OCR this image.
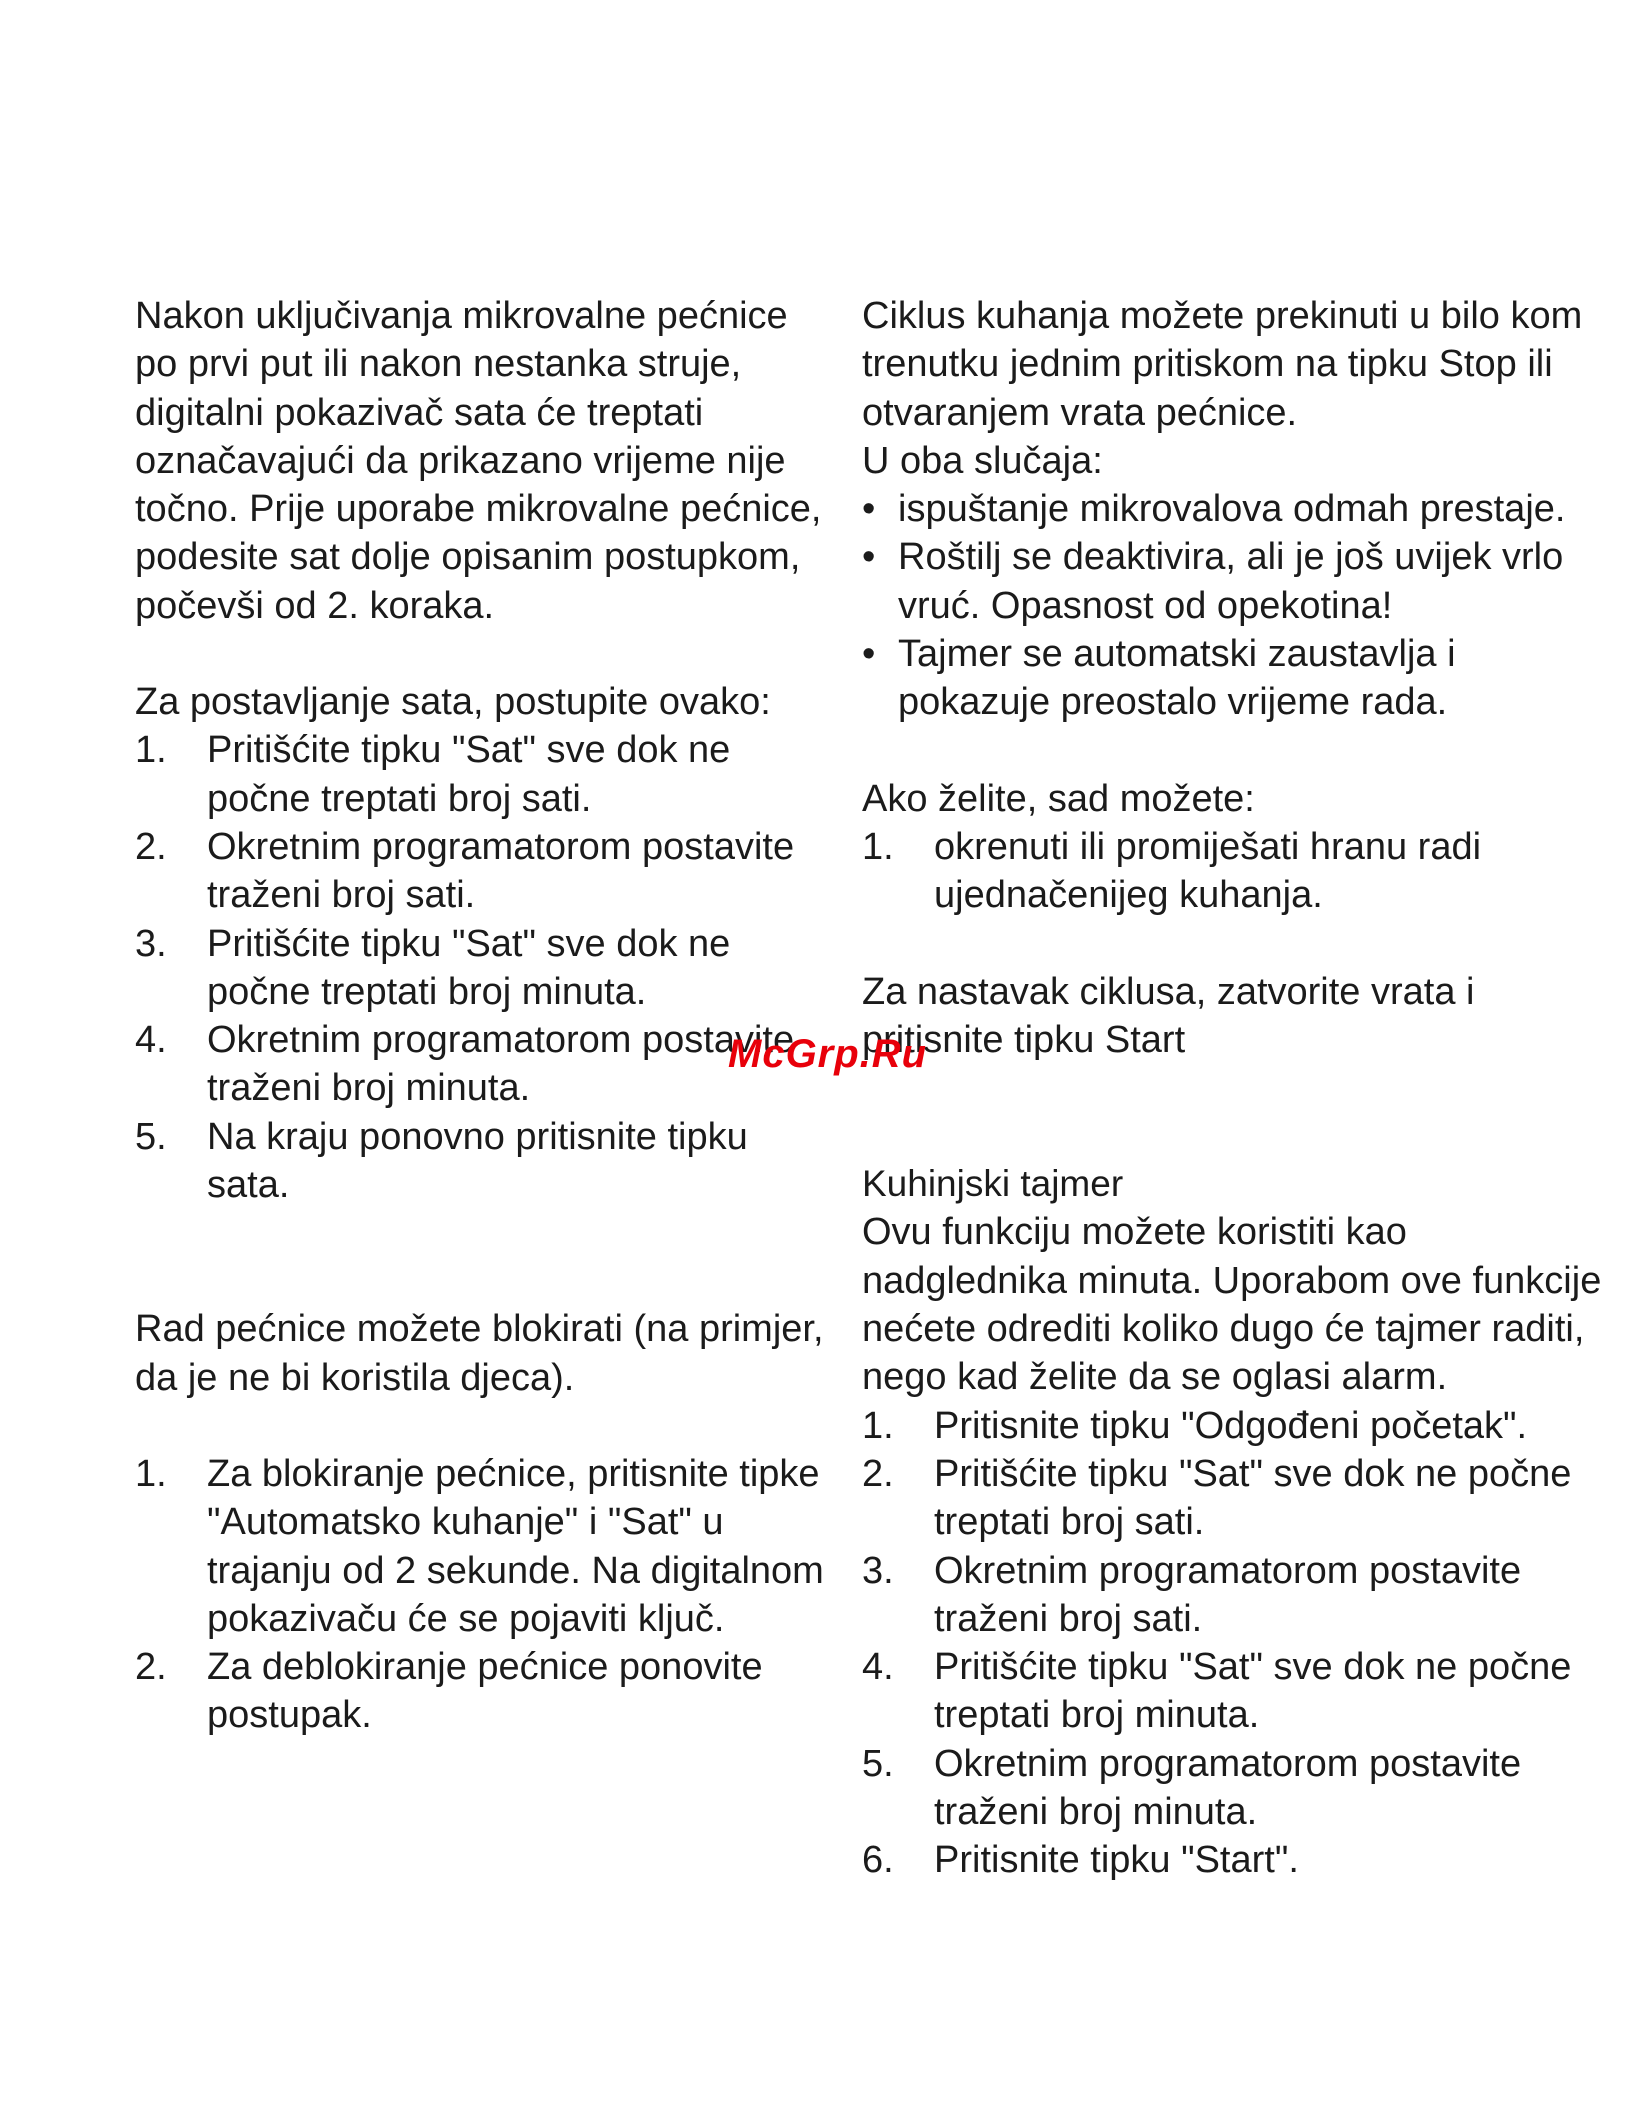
Nakon uključivanja mikrovalne pećnice po prvi put ili nakon nestanka struje, digitalni pokazivač sata će treptati označavajući da prikazano vrijeme nije točno. Prije uporabe mikrovalne pećnice, podesite sat dolje opisanim postupkom, počevši od 2. koraka.

Za postavljanje sata, postupite ovako:

1. Pritišćite tipku "Sat" sve dok ne počne treptati broj sati.
2. Okretnim programatorom postavite traženi broj sati.
3. Pritišćite tipku "Sat" sve dok ne počne treptati broj minuta.
4. Okretnim programatorom postavite traženi broj minuta.
5. Na kraju ponovno pritisnite tipku sata.

Rad pećnice možete blokirati (na primjer, da je ne bi koristila djeca).

1. Za blokiranje pećnice, pritisnite tipke "Automatsko kuhanje" i "Sat" u trajanju od 2 sekunde. Na digitalnom pokazivaču će se pojaviti ključ.
2. Za deblokiranje pećnice ponovite postupak.

Ciklus kuhanja možete prekinuti u bilo kom trenutku jednim pritiskom na tipku Stop ili otvaranjem vrata pećnice.

U oba slučaja:

• ispuštanje mikrovalova odmah prestaje.
• Roštilj se deaktivira, ali je još uvijek vrlo vruć. Opasnost od opekotina!
• Tajmer se automatski zaustavlja i pokazuje preostalo vrijeme rada.

Ako želite, sad možete:

1. okrenuti ili promiješati hranu radi ujednačenijeg kuhanja.

Za nastavak ciklusa, zatvorite vrata i pritisnite tipku Start

Kuhinjski tajmer

Ovu funkciju možete koristiti kao nadglednika minuta. Uporabom ove funkcije nećete odrediti koliko dugo će tajmer raditi, nego kad želite da se oglasi alarm.

1. Pritisnite tipku "Odgođeni početak".
2. Pritišćite tipku "Sat" sve dok ne počne treptati broj sati.
3. Okretnim programatorom postavite traženi broj sati.
4. Pritišćite tipku "Sat" sve dok ne počne treptati broj minuta.
5. Okretnim programatorom postavite traženi broj minuta.
6. Pritisnite tipku "Start".
McGrp.Ru
